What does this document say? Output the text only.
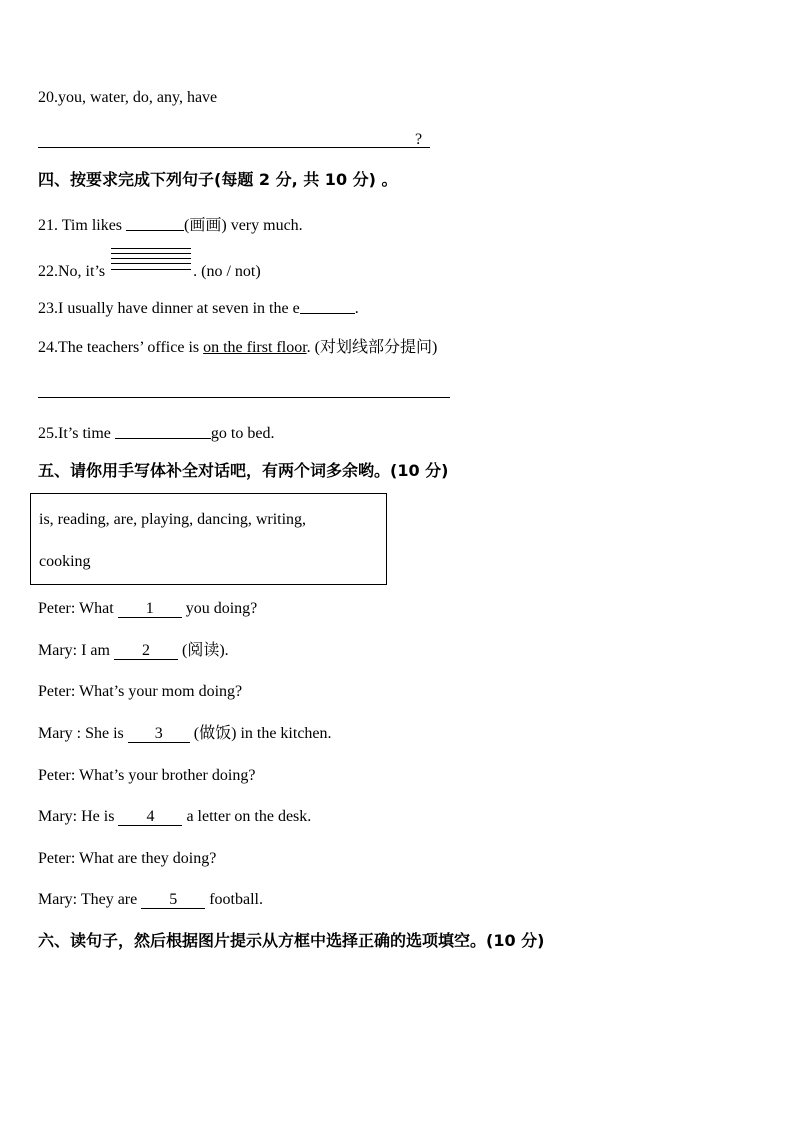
20.you, water, do, any, have
?
四、按要求完成下列句子(每题 2 分, 共 10 分) 。
21. Tim likes	(画画) very much.
22.No, it’s	. (no / not)
23.I usually have dinner at seven in the e	.
24.The teachers’ office is on the first floor. (对划线部分提问)
25.It’s time	go to bed.
五、请你用手写体补全对话吧，有两个词多余哟。(10 分)
is, reading, are, playing, dancing, writing,
cooking
Peter: What 1 you doing?
Mary: I am 2 (阅读).
Peter: What’s your mom doing?
Mary : She is 3 (做饭) in the kitchen.
Peter: What’s your brother doing?
Mary: He is 4 a letter on the desk.
Peter: What are they doing?
Mary: They are 5 football.
六、读句子，然后根据图片提示从方框中选择正确的选项填空。(10 分)
